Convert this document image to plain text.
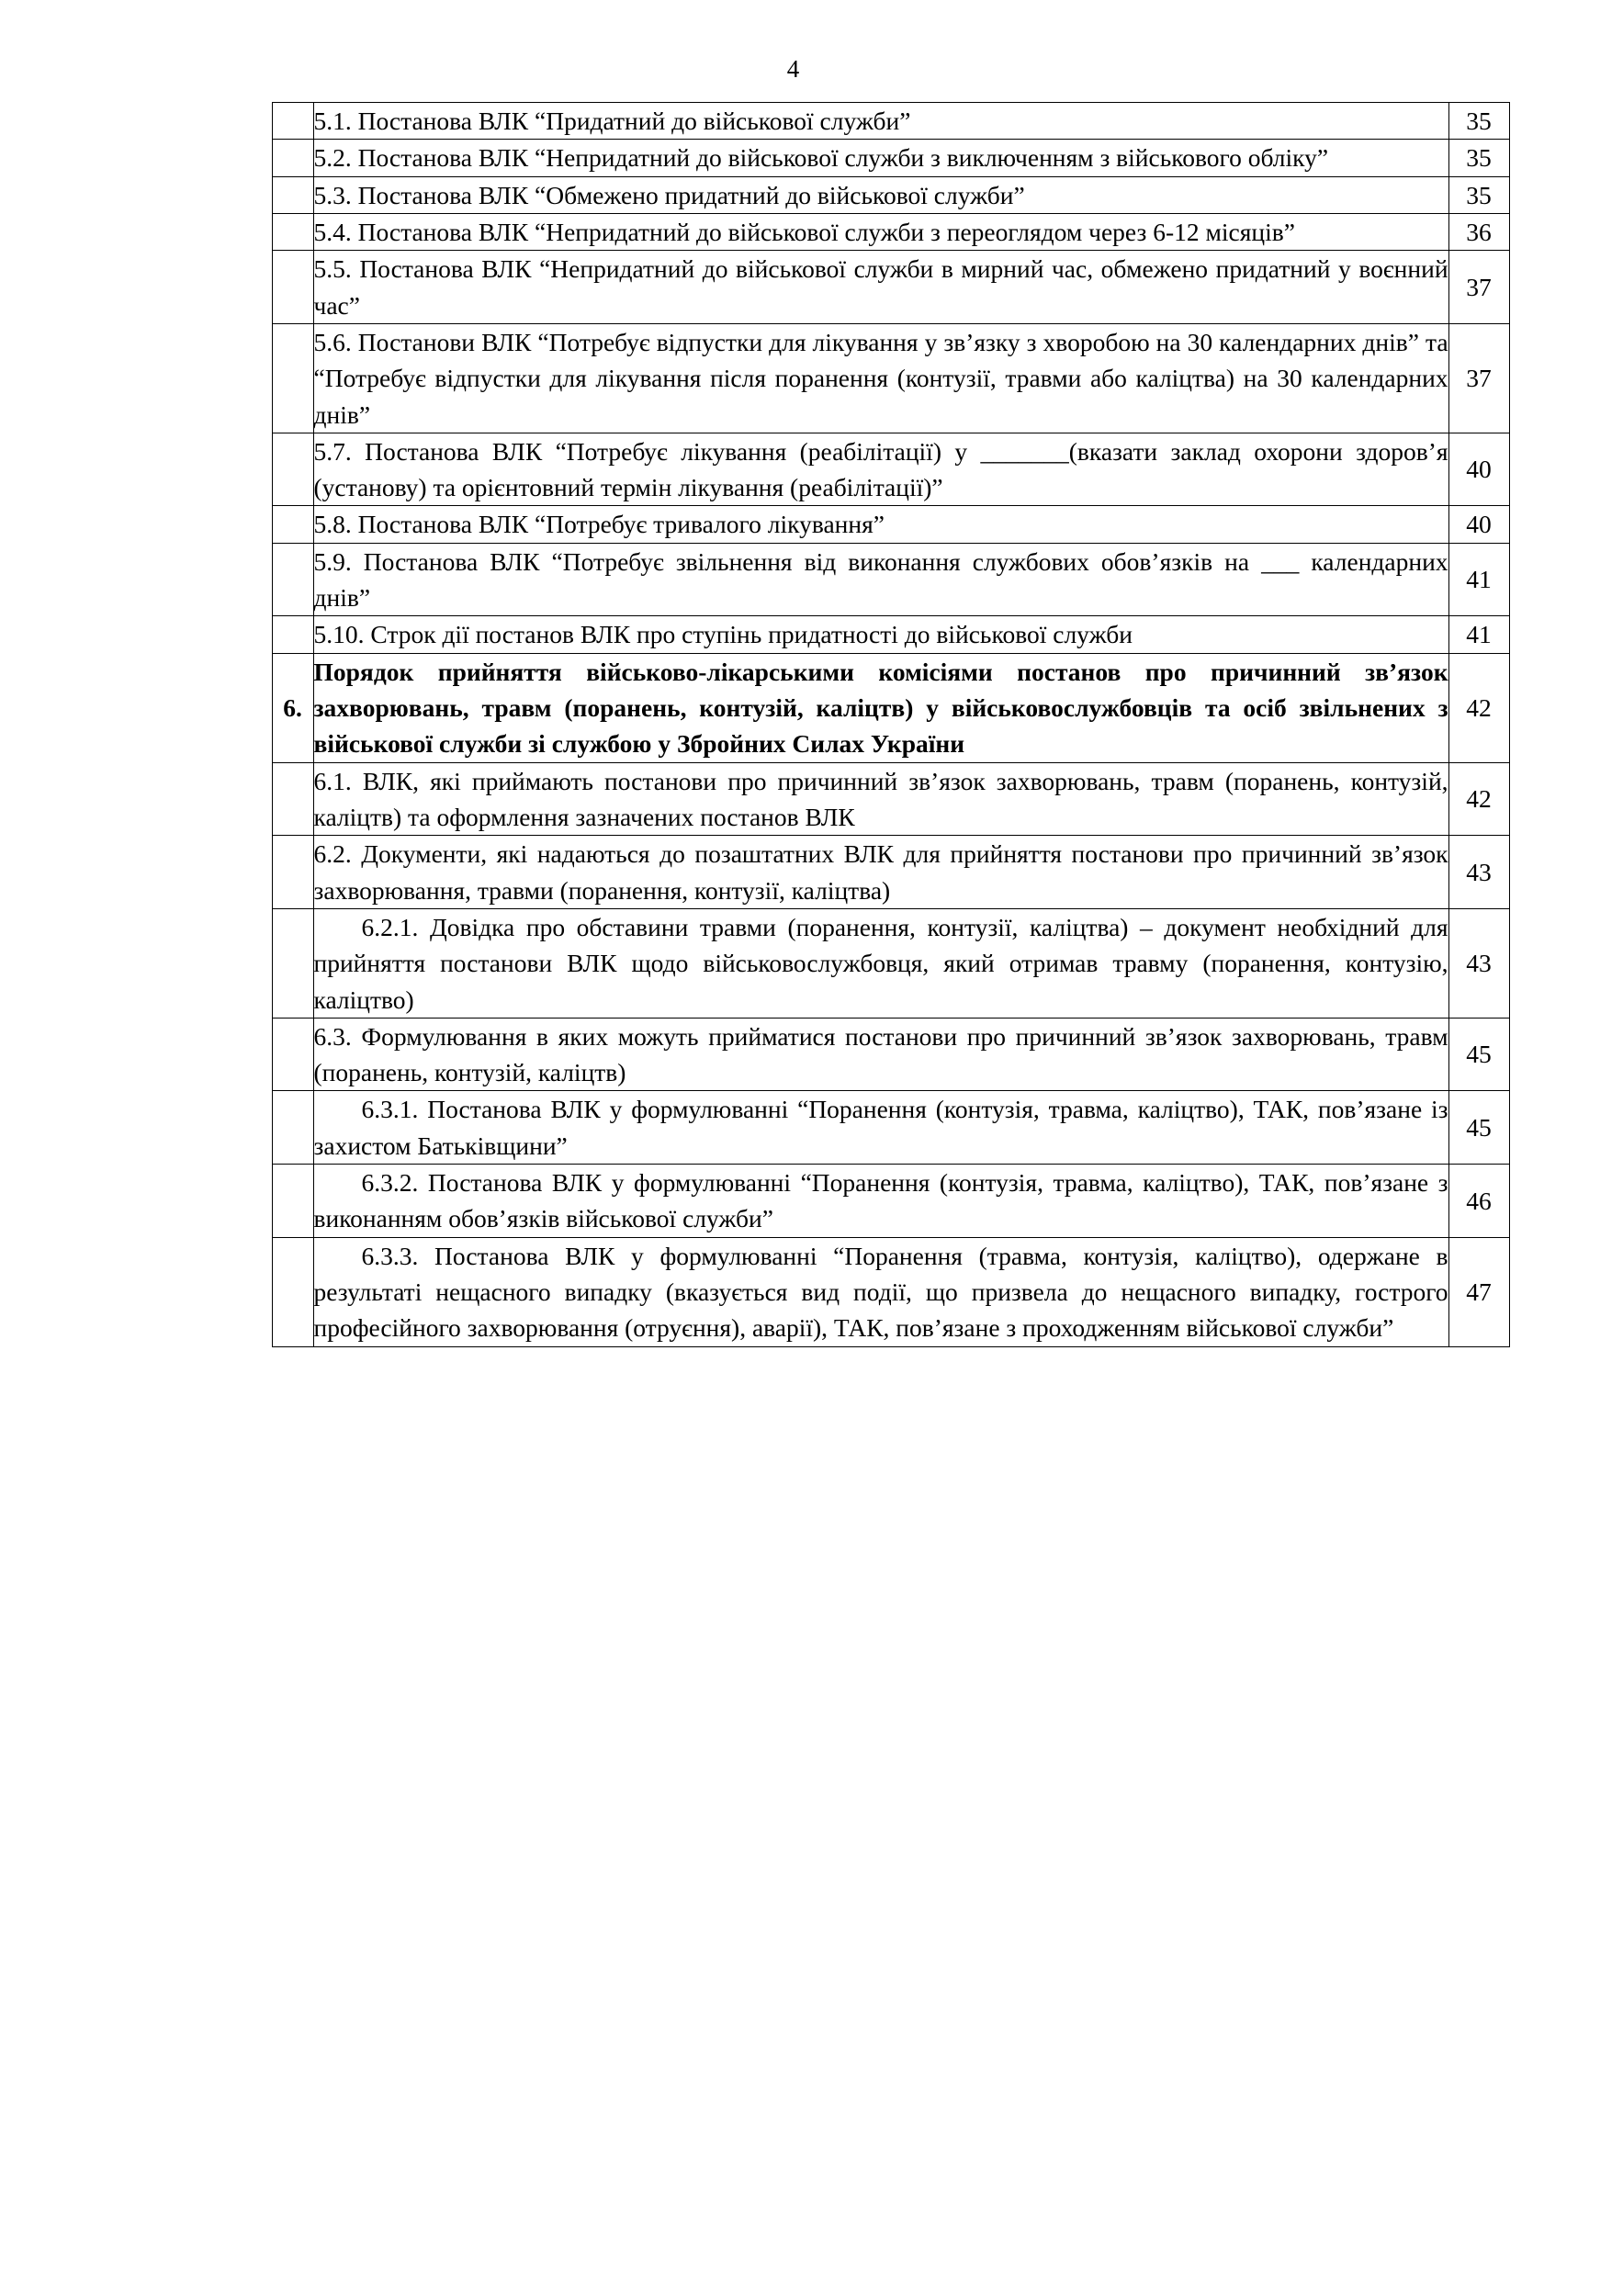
4

	5.1. Постанова ВЛК “Придатний до військової служби”	35

	5.2. Постанова ВЛК “Непридатний до військової служби з виключенням з військового обліку”	35

	5.3. Постанова ВЛК “Обмежено придатний до військової служби”	35

	5.4. Постанова ВЛК “Непридатний до військової служби з переоглядом через 6-12 місяців”	36

	5.5. Постанова ВЛК “Непридатний до військової служби в мирний час, обмежено придатний у воєнний час”	37

	5.6. Постанови ВЛК “Потребує відпустки для лікування у зв’язку з хворобою на 30 календарних днів” та “Потребує відпустки для лікування після поранення (контузії, травми або каліцтва) на 30 календарних днів”	37

	5.7. Постанова ВЛК “Потребує лікування (реабілітації) у _______(вказати заклад охорони здоров’я (установу) та орієнтовний термін лікування (реабілітації)”	40

	5.8. Постанова ВЛК “Потребує тривалого лікування”	40

	5.9. Постанова ВЛК “Потребує звільнення від виконання службових обов’язків на ___ календарних днів”	41

	5.10. Строк дії постанов ВЛК про ступінь придатності до військової служби	41
6.	Порядок прийняття військово-лікарськими комісіями постанов про причинний зв’язок захворювань, травм (поранень, контузій, каліцтв) у військовослужбовців та осіб звільнених з військової служби зі службою у Збройних Силах України	42

	6.1. ВЛК, які приймають постанови про причинний зв’язок захворювань, травм (поранень, контузій, каліцтв) та оформлення зазначених постанов ВЛК	42

	6.2. Документи, які надаються до позаштатних ВЛК для прийняття постанови про причинний зв’язок захворювання, травми (поранення, контузії, каліцтва)	43

	6.2.1. Довідка про обставини травми (поранення, контузії, каліцтва) – документ необхідний для прийняття постанови ВЛК щодо військовослужбовця, який отримав травму (поранення, контузію, каліцтво)	43

	6.3. Формулювання в яких можуть прийматися постанови про причинний зв’язок захворювань, травм (поранень, контузій, каліцтв)	45

	6.3.1. Постанова ВЛК у формулюванні “Поранення (контузія, травма, каліцтво), ТАК, пов’язане із захистом Батьківщини”	45

	6.3.2. Постанова ВЛК у формулюванні “Поранення (контузія, травма, каліцтво), ТАК, пов’язане з виконанням обов’язків військової служби”	46

	6.3.3. Постанова ВЛК у формулюванні “Поранення (травма, контузія, каліцтво), одержане в результаті нещасного випадку (вказується вид події, що призвела до нещасного випадку, гострого професійного захворювання (отруєння), аварії), ТАК, пов’язане з проходженням військової служби”	47
